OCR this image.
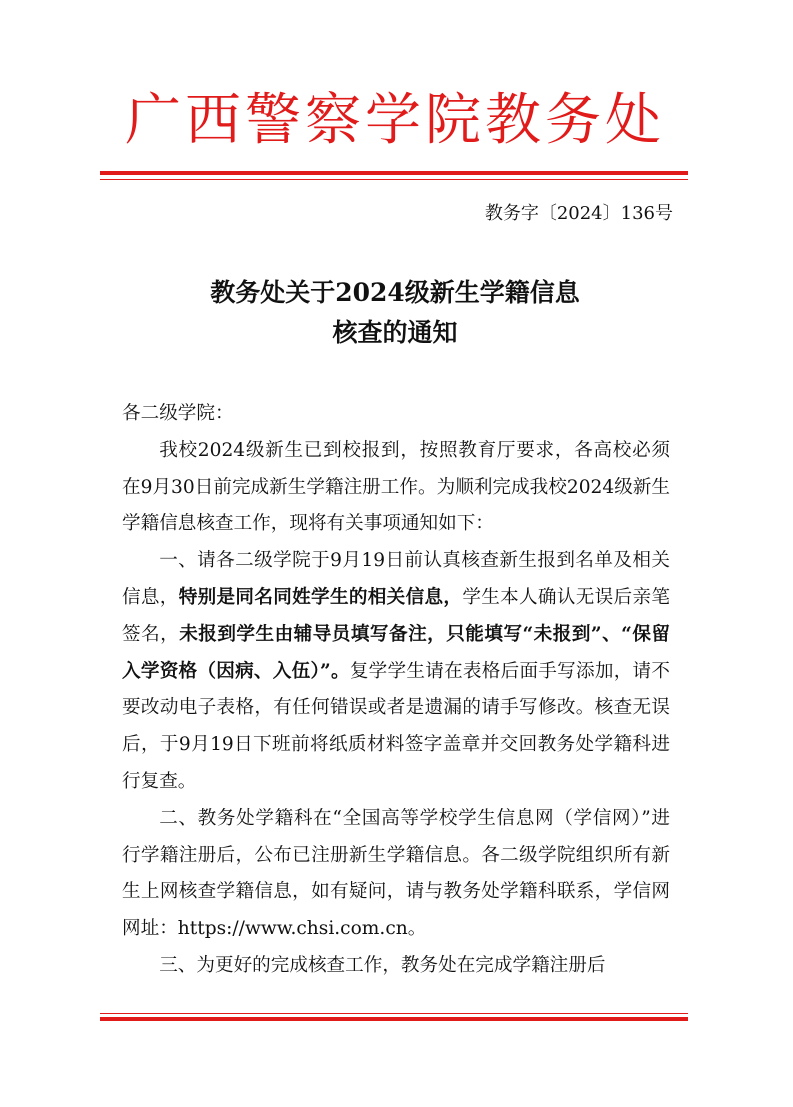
广西警察学院教务处
教务字〔2024〕136号
教务处关于2024级新生学籍信息
核查的通知

各二级学院：

我校2024级新生已到校报到，按照教育厅要求，各高校必须在9月30日前完成新生学籍注册工作。为顺利完成我校2024级新生学籍信息核查工作，现将有关事项通知如下：

一、请各二级学院于9月19日前认真核查新生报到名单及相关信息，特别是同名同姓学生的相关信息，学生本人确认无误后亲笔签名，未报到学生由辅导员填写备注，只能填写“未报到”、“保留入学资格（因病、入伍）”。复学学生请在表格后面手写添加，请不要改动电子表格，有任何错误或者是遗漏的请手写修改。核查无误后，于9月19日下班前将纸质材料签字盖章并交回教务处学籍科进行复查。

二、教务处学籍科在“全国高等学校学生信息网（学信网）”进行学籍注册后，公布已注册新生学籍信息。各二级学院组织所有新生上网核查学籍信息，如有疑问，请与教务处学籍科联系，学信网网址：https://www.chsi.com.cn。

三、为更好的完成核查工作，教务处在完成学籍注册后
